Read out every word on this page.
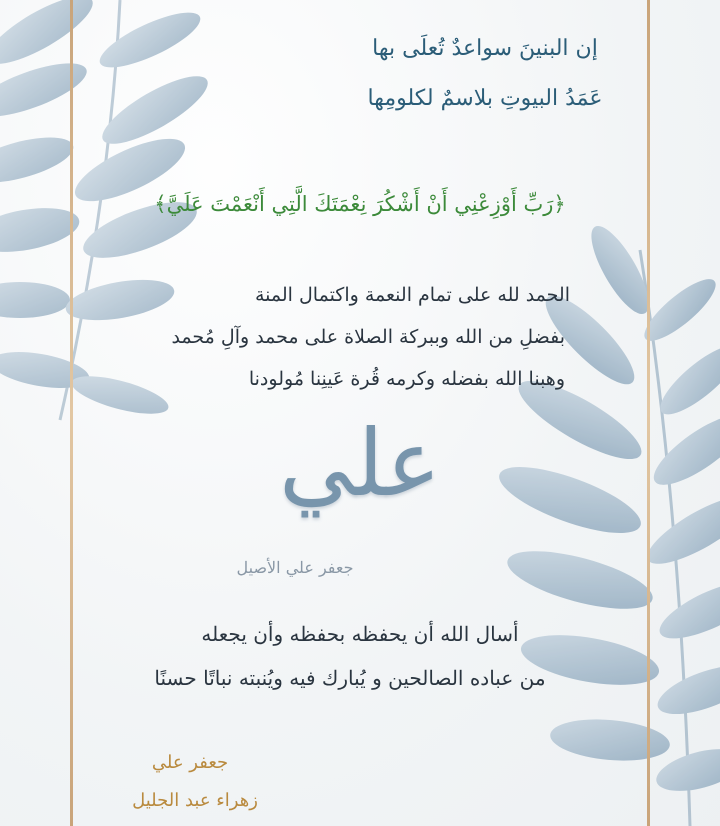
إن البنينَ سواعدٌ تُعلَى بها
عَمَدُ البيوتِ بلاسمٌ لكلومِها
﴿رَبِّ أَوْزِعْنِي أَنْ أَشْكُرَ نِعْمَتَكَ الَّتِي أَنْعَمْتَ عَلَيَّ﴾
الحمد لله على تمام النعمة واكتمال المنة
بفضلِ من الله وببركة الصلاة على محمد وآلِ مُحمد
وهبنا الله بفضله وكرمه قُرة عَينِنا مُولودنا
علي
جعفر علي الأصيل
أسال الله أن يحفظه بحفظه وأن يجعله
من عباده الصالحين و يُبارك فيه ويُنبته نباتًا حسنًا
جعفر علي
زهراء عبد الجليل
